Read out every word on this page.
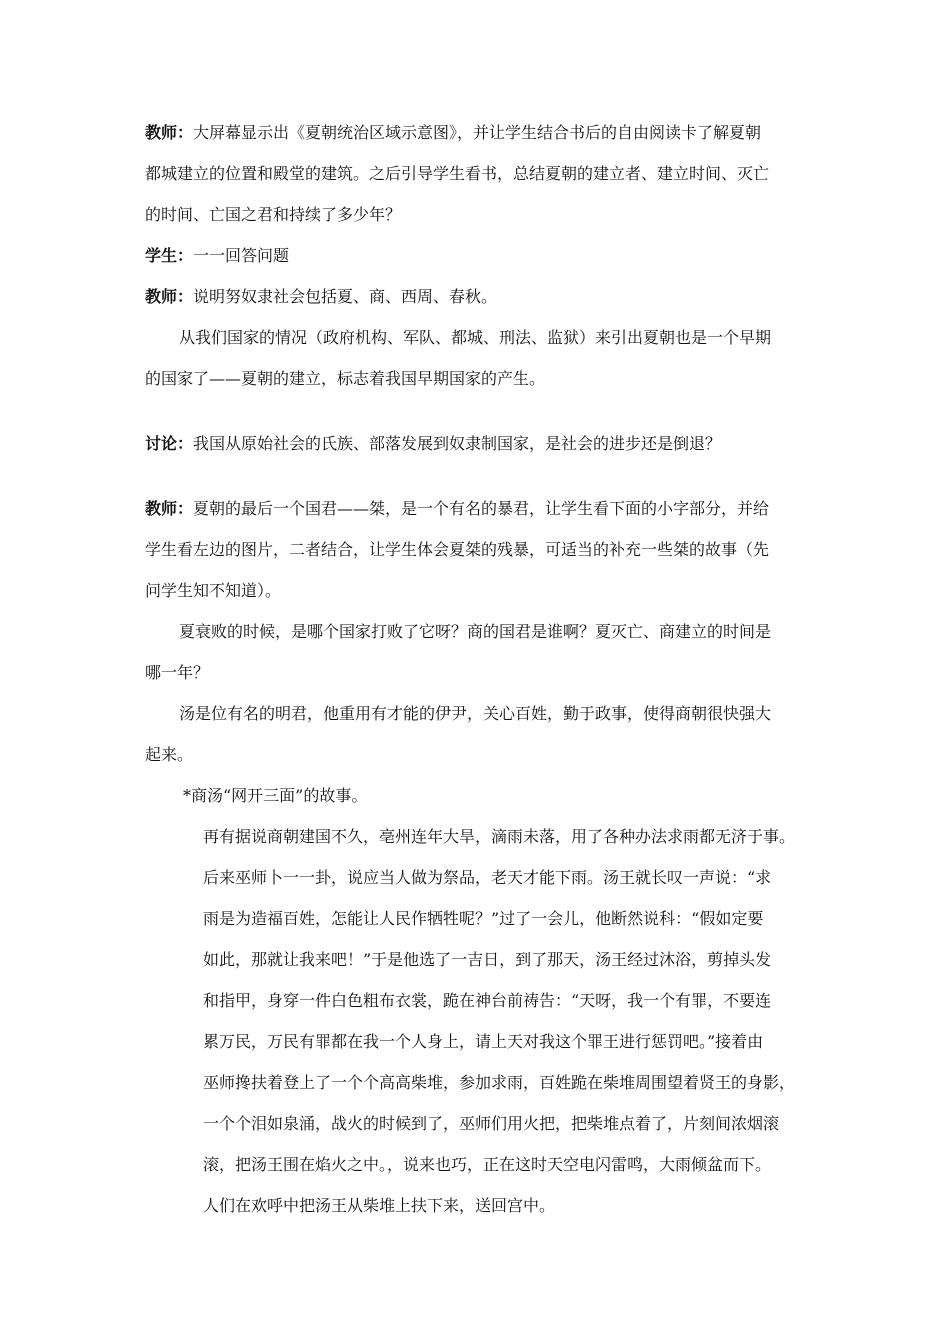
教师：大屏幕显示出《夏朝统治区域示意图》，并让学生结合书后的自由阅读卡了解夏朝
都城建立的位置和殿堂的建筑。之后引导学生看书，总结夏朝的建立者、建立时间、灭亡
的时间、亡国之君和持续了多少年？
学生：一一回答问题
教师：说明努奴隶社会包括夏、商、西周、春秋。
从我们国家的情况（政府机构、军队、都城、刑法、监狱）来引出夏朝也是一个早期
的国家了——夏朝的建立，标志着我国早期国家的产生。
讨论：我国从原始社会的氏族、部落发展到奴隶制国家，是社会的进步还是倒退？
教师：夏朝的最后一个国君——桀，是一个有名的暴君，让学生看下面的小字部分，并给
学生看左边的图片，二者结合，让学生体会夏桀的残暴，可适当的补充一些桀的故事（先
问学生知不知道）。
夏衰败的时候，是哪个国家打败了它呀？商的国君是谁啊？夏灭亡、商建立的时间是
哪一年？
汤是位有名的明君，他重用有才能的伊尹，关心百姓，勤于政事，使得商朝很快强大
起来。
*商汤“网开三面”的故事。
再有据说商朝建国不久，亳州连年大旱，滴雨未落，用了各种办法求雨都无济于事。
后来巫师卜一一卦，说应当人做为祭品，老天才能下雨。汤王就长叹一声说：“求
雨是为造福百姓，怎能让人民作牺牲呢？”过了一会儿，他断然说科：“假如定要
如此，那就让我来吧！”于是他选了一吉日，到了那天，汤王经过沐浴，剪掉头发
和指甲，身穿一件白色粗布衣裳，跪在神台前祷告：“天呀，我一个有罪，不要连
累万民，万民有罪都在我一个人身上，请上天对我这个罪王进行惩罚吧。”接着由
巫师搀扶着登上了一个个高高柴堆，参加求雨，百姓跪在柴堆周围望着贤王的身影，
一个个泪如泉涌，战火的时候到了，巫师们用火把，把柴堆点着了，片刻间浓烟滚
滚，把汤王围在焰火之中。，说来也巧，正在这时天空电闪雷鸣，大雨倾盆而下。
人们在欢呼中把汤王从柴堆上扶下来，送回宫中。
